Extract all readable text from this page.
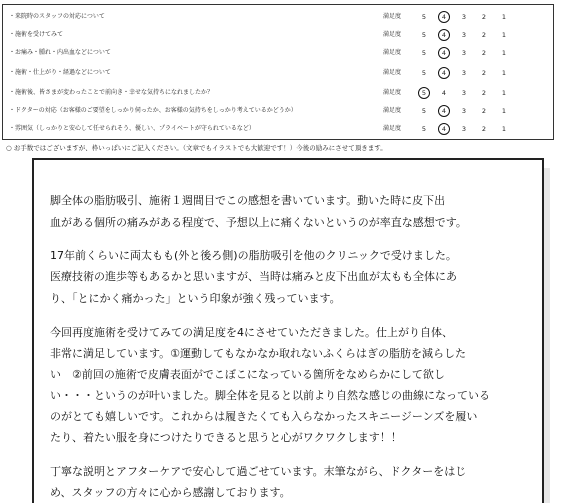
・来院時のスタッフの対応について	満足度	5	4	3	2	1
・施術を受けてみて	満足度	5	4	3	2	1
・お痛み・腫れ・内出血などについて	満足度	5	4	3	2	1
・施術・仕上がり・経過などについて	満足度	5	4	3	2	1
・施術後、皆さまが変わったことで前向き・幸せな気持ちになれましたか？	満足度	5	4	3	2	1
・ドクターの対応（お客様のご要望をしっかり伺ったか、お客様の気持ちをしっかり考えているかどうか）	満足度	5	4	3	2	1
・雰囲気（しっかりと安心して任せられそう、優しい、プライベートが守られているなど）	満足度	5	4	3	2	1
○ お手数ではございますが、枠いっぱいにご記入ください。（文章でもイラストでも大歓迎です！）今後の励みにさせて頂きます。
脚全体の脂肪吸引、施術１週間目でこの感想を書いています。動いた時に皮下出
血がある個所の痛みがある程度で、予想以上に痛くないというのが率直な感想です。
17年前くらいに両太もも(外と後ろ側)の脂肪吸引を他のクリニックで受けました。
医療技術の進歩等もあるかと思いますが、当時は痛みと皮下出血が太もも全体にあ
り、「とにかく痛かった」という印象が強く残っています。
今回再度施術を受けてみての満足度を4にさせていただきました。仕上がり自体、
非常に満足しています。①運動してもなかなか取れないふくらはぎの脂肪を減らした
い　②前回の施術で皮膚表面がでこぼこになっている箇所をなめらかにして欲し
い・・・というのが叶いました。脚全体を見ると以前より自然な感じの曲線になっている
のがとても嬉しいです。これからは履きたくても入らなかったスキニージーンズを履い
たり、着たい服を身につけたりできると思うと心がワクワクします！！
丁寧な説明とアフターケアで安心して過ごせています。末筆ながら、ドクターをはじ
め、スタッフの方々に心から感謝しております。
